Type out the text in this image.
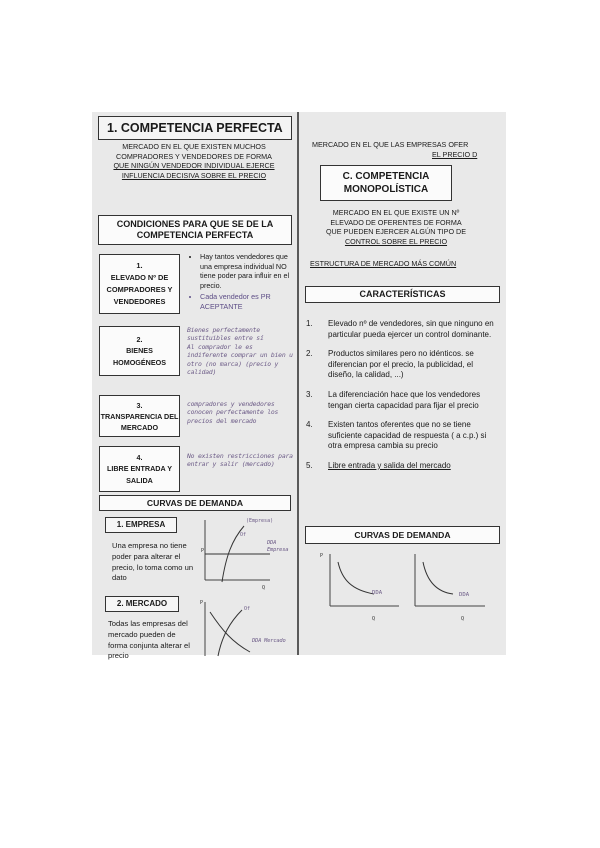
1. COMPETENCIA PERFECTA
MERCADO EN EL QUE EXISTEN MUCHOS
COMPRADORES Y VENDEDORES DE FORMA
QUE NINGÚN VENDEDOR INDIVIDUAL EJERCE
INFLUENCIA DECISIVA SOBRE EL PRECIO
CONDICIONES PARA QUE SE DE LA COMPETENCIA PERFECTA
1.
ELEVADO Nº DE COMPRADORES Y VENDEDORES
• Hay tantos vendedores que una empresa individual NO tiene poder para influir en el precio.
• Cada vendedor es PR ACEPTANTE
2.
BIENES HOMOGÉNEOS
Bienes perfectamente sustituibles entre sí
Al comprador le es indiferente comprar un bien u otro (no marca) (precio y calidad)
3.
TRANSPARENCIA DEL MERCADO
compradores y vendedores conocen perfectamente los precios del mercado
4.
LIBRE ENTRADA Y SALIDA
No existen restricciones para entrar y salir (mercado)
CURVAS DE DEMANDA
1. EMPRESA
Una empresa no tiene poder para alterar el precio, lo toma como un dato
P
Q
Of
(Empresa)
DDA Empresa
2. MERCADO
Todas las empresas del mercado pueden de forma conjunta alterar el precio
P
Of
DDA Mercado
MERCADO EN EL QUE LAS EMPRESAS OFER
EL PRECIO D
C. COMPETENCIA MONOPOLÍSTICA
MERCADO EN EL QUE EXISTE UN Nº
ELEVADO DE OFERENTES DE FORMA
QUE PUEDEN EJERCER ALGÚN TIPO DE
CONTROL SOBRE EL PRECIO
ESTRUCTURA DE MERCADO MÁS COMÚN
CARACTERÍSTICAS
1. Elevado nº de vendedores, sin que ninguno en particular pueda ejercer un control dominante.
2. Productos similares pero no idénticos. se diferencian por el precio, la publicidad, el diseño, la calidad, ...)
3. La diferenciación hace que los vendedores tengan cierta capacidad para fijar el precio
4. Existen tantos oferentes que no se tiene suficiente capacidad de respuesta ( a c.p.) si otra empresa cambia su precio
5. Libre entrada y salida del mercado
CURVAS DE DEMANDA
P
Q
DDA
Q
DDA
